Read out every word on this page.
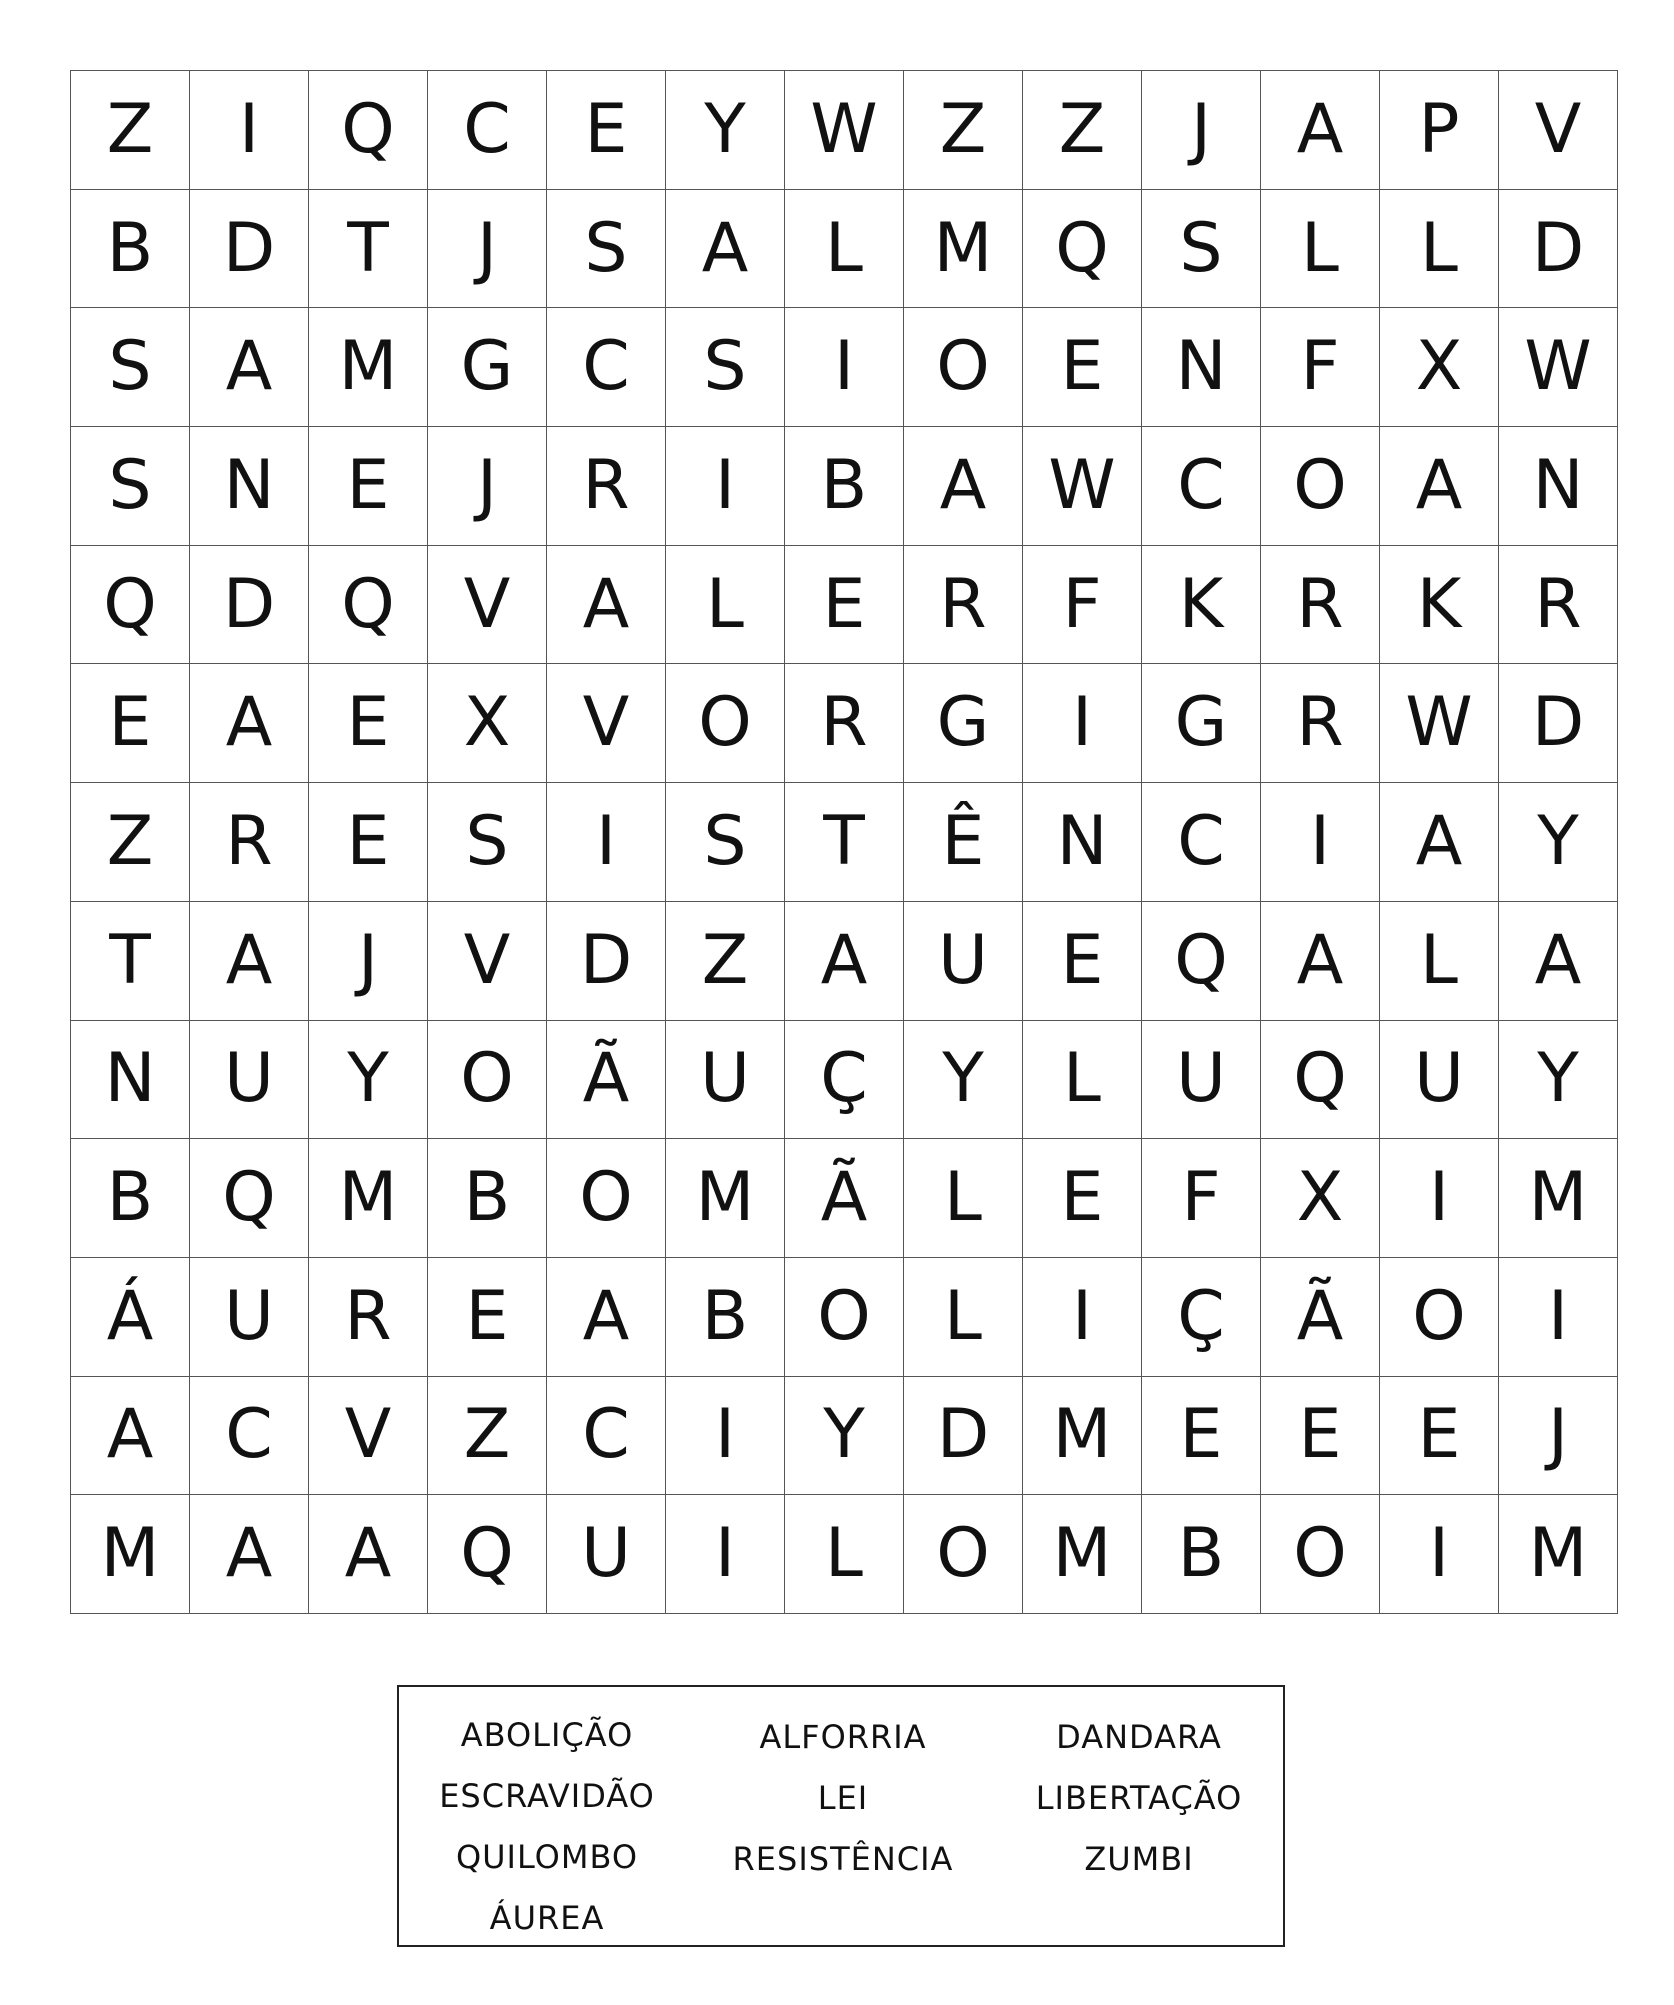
Z	I	Q	C	E	Y	W	Z	Z	J	A	P	V
B	D	T	J	S	A	L	M	Q	S	L	L	D
S	A	M	G	C	S	I	O	E	N	F	X	W
S	N	E	J	R	I	B	A	W	C	O	A	N
Q	D	Q	V	A	L	E	R	F	K	R	K	R
E	A	E	X	V	O	R	G	I	G	R	W	D
Z	R	E	S	I	S	T	Ê	N	C	I	A	Y
T	A	J	V	D	Z	A	U	E	Q	A	L	A
N	U	Y	O	Ã	U	Ç	Y	L	U	Q	U	Y
B	Q	M	B	O	M	Ã	L	E	F	X	I	M
Á	U	R	E	A	B	O	L	I	Ç	Ã	O	I
A	C	V	Z	C	I	Y	D	M	E	E	E	J
M	A	A	Q	U	I	L	O	M	B	O	I	M
ABOLIÇÃO
ESCRAVIDÃO
QUILOMBO
ÁUREA
ALFORRIA
LEI
RESISTÊNCIA
DANDARA
LIBERTAÇÃO
ZUMBI
